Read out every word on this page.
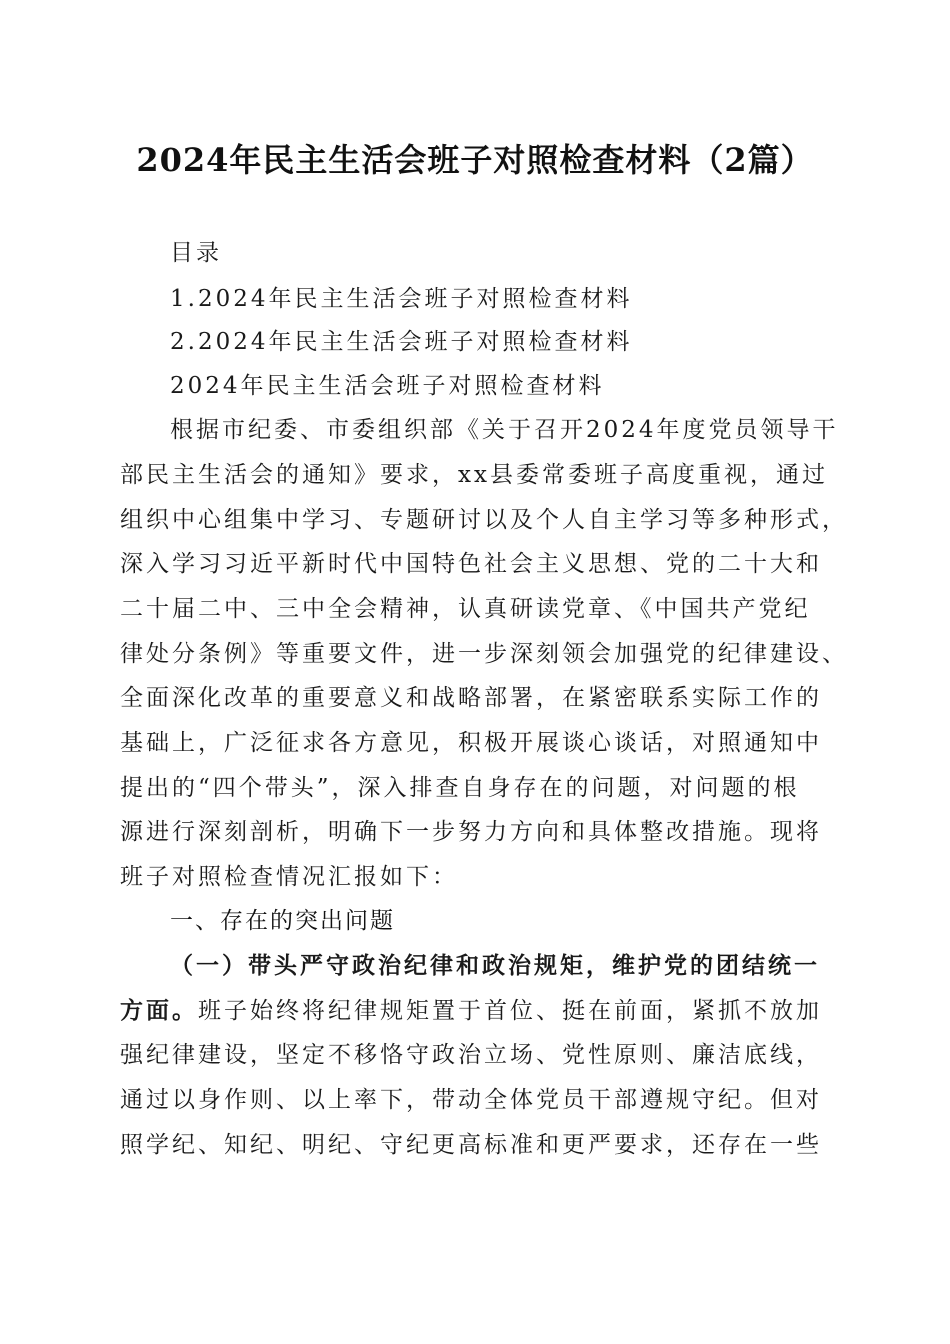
2024年民主生活会班子对照检查材料（2篇）
目录
1.2024年民主生活会班子对照检查材料
2.2024年民主生活会班子对照检查材料
2024年民主生活会班子对照检查材料
根据市纪委、市委组织部《关于召开2024年度党员领导干
部民主生活会的通知》要求，xx县委常委班子高度重视，通过
组织中心组集中学习、专题研讨以及个人自主学习等多种形式，
深入学习习近平新时代中国特色社会主义思想、党的二十大和
二十届二中、三中全会精神，认真研读党章、《中国共产党纪
律处分条例》等重要文件，进一步深刻领会加强党的纪律建设、
全面深化改革的重要意义和战略部署，在紧密联系实际工作的
基础上，广泛征求各方意见，积极开展谈心谈话，对照通知中
提出的“四个带头”，深入排查自身存在的问题，对问题的根
源进行深刻剖析，明确下一步努力方向和具体整改措施。现将
班子对照检查情况汇报如下：
一、存在的突出问题
（一）带头严守政治纪律和政治规矩，维护党的团结统一
方面。班子始终将纪律规矩置于首位、挺在前面，紧抓不放加
强纪律建设，坚定不移恪守政治立场、党性原则、廉洁底线，
通过以身作则、以上率下，带动全体党员干部遵规守纪。但对
照学纪、知纪、明纪、守纪更高标准和更严要求，还存在一些
